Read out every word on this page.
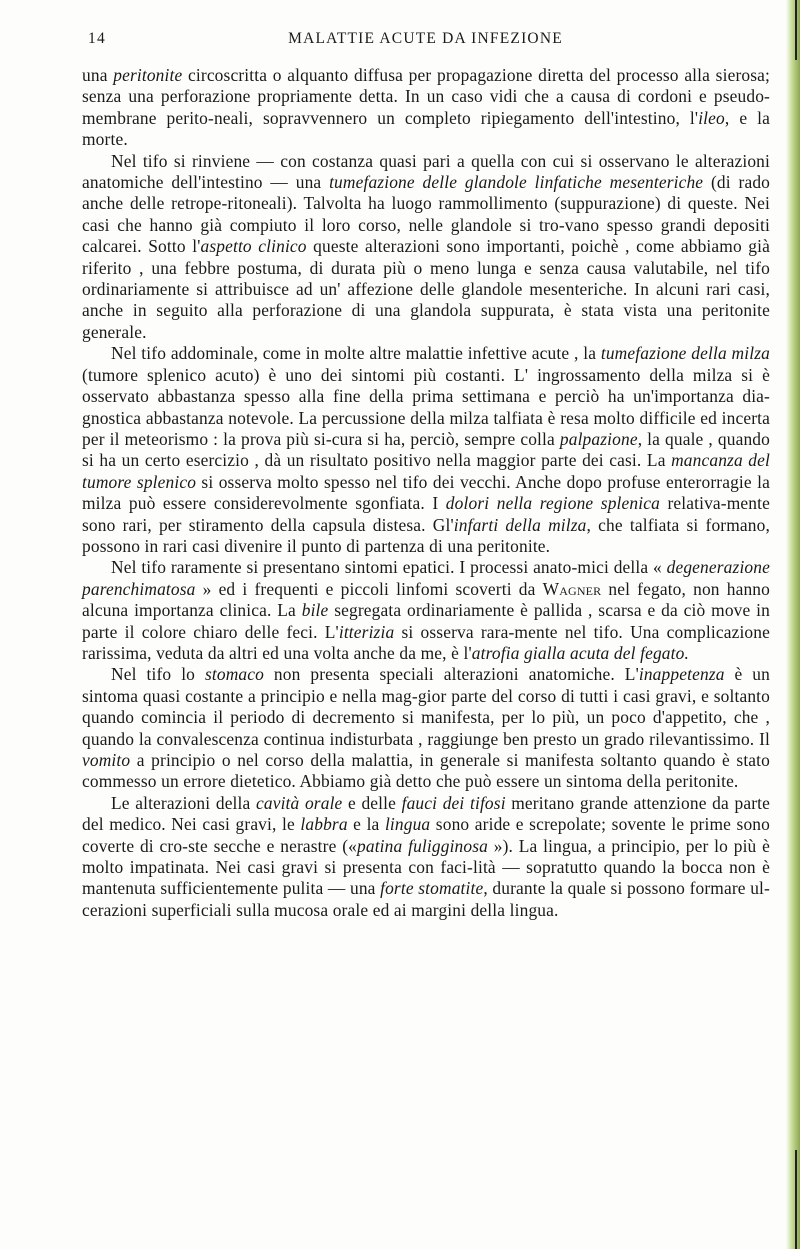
14	MALATTIE ACUTE DA INFEZIONE

una peritonite circoscritta o alquanto diffusa per propagazione diretta del processo alla sierosa; senza una perforazione propriamente detta. In un caso vidi che a causa di cordoni e pseudo-membrane perito-neali, sopravvennero un completo ripiegamento dell'intestino, l'ileo, e la morte.

Nel tifo si rinviene — con costanza quasi pari a quella con cui si osservano le alterazioni anatomiche dell'intestino — una tumefazione delle glandole linfatiche mesenteriche (di rado anche delle retrope-ritoneali). Talvolta ha luogo rammollimento (suppurazione) di queste. Nei casi che hanno già compiuto il loro corso, nelle glandole si tro-vano spesso grandi depositi calcarei. Sotto l'aspetto clinico queste alterazioni sono importanti, poichè , come abbiamo già riferito , una febbre postuma, di durata più o meno lunga e senza causa valutabile, nel tifo ordinariamente si attribuisce ad un' affezione delle glandole mesenteriche. In alcuni rari casi, anche in seguito alla perforazione di una glandola suppurata, è stata vista una peritonite generale.

Nel tifo addominale, come in molte altre malattie infettive acute , la tumefazione della milza (tumore splenico acuto) è uno dei sintomi più costanti. L' ingrossamento della milza si è osservato abbastanza spesso alla fine della prima settimana e perciò ha un'importanza dia-gnostica abbastanza notevole. La percussione della milza talfiata è resa molto difficile ed incerta per il meteorismo : la prova più si-cura si ha, perciò, sempre colla palpazione, la quale , quando si ha un certo esercizio , dà un risultato positivo nella maggior parte dei casi. La mancanza del tumore splenico si osserva molto spesso nel tifo dei vecchi. Anche dopo profuse enterorragie la milza può essere considerevolmente sgonfiata. I dolori nella regione splenica relativa-mente sono rari, per stiramento della capsula distesa. Gl'infarti della milza, che talfiata si formano, possono in rari casi divenire il punto di partenza di una peritonite.

Nel tifo raramente si presentano sintomi epatici. I processi anato-mici della « degenerazione parenchimatosa » ed i frequenti e piccoli linfomi scoverti da Wagner nel fegato, non hanno alcuna importanza clinica. La bile segregata ordinariamente è pallida , scarsa e da ciò move in parte il colore chiaro delle feci. L'itterizia si osserva rara-mente nel tifo. Una complicazione rarissima, veduta da altri ed una volta anche da me, è l'atrofia gialla acuta del fegato.

Nel tifo lo stomaco non presenta speciali alterazioni anatomiche. L'inappetenza è un sintoma quasi costante a principio e nella mag-gior parte del corso di tutti i casi gravi, e soltanto quando comincia il periodo di decremento si manifesta, per lo più, un poco d'appetito, che , quando la convalescenza continua indisturbata , raggiunge ben presto un grado rilevantissimo. Il vomito a principio o nel corso della malattia, in generale si manifesta soltanto quando è stato commesso un errore dietetico. Abbiamo già detto che può essere un sintoma della peritonite.

Le alterazioni della cavità orale e delle fauci dei tifosi meritano grande attenzione da parte del medico. Nei casi gravi, le labbra e la lingua sono aride e screpolate; sovente le prime sono coverte di cro-ste secche e nerastre («patina fuligginosa »). La lingua, a principio, per lo più è molto impatinata. Nei casi gravi si presenta con faci-lità — sopratutto quando la bocca non è mantenuta sufficientemente pulita — una forte stomatite, durante la quale si possono formare ul-cerazioni superficiali sulla mucosa orale ed ai margini della lingua.
